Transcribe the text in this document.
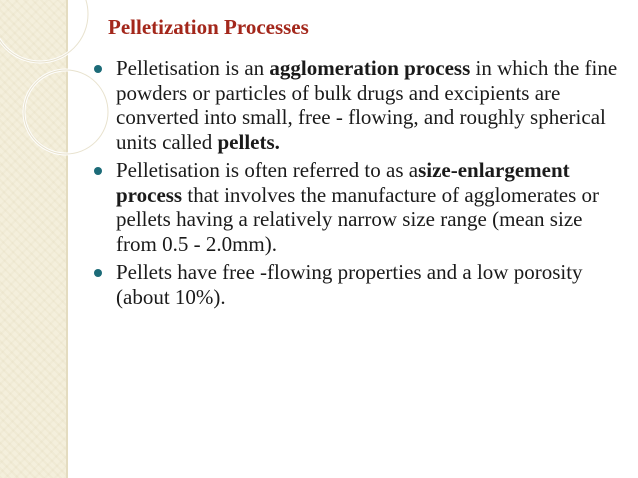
Pelletization Processes
Pelletisation is an agglomeration process in which the fine powders or particles of bulk drugs and excipients are converted into small, free - flowing, and roughly spherical units called pellets.
Pelletisation is often referred to as asize-enlargement process that involves the manufacture of agglomerates or pellets having a relatively narrow size range (mean size from 0.5 - 2.0mm).
Pellets have free -flowing properties and a low porosity (about 10%).
